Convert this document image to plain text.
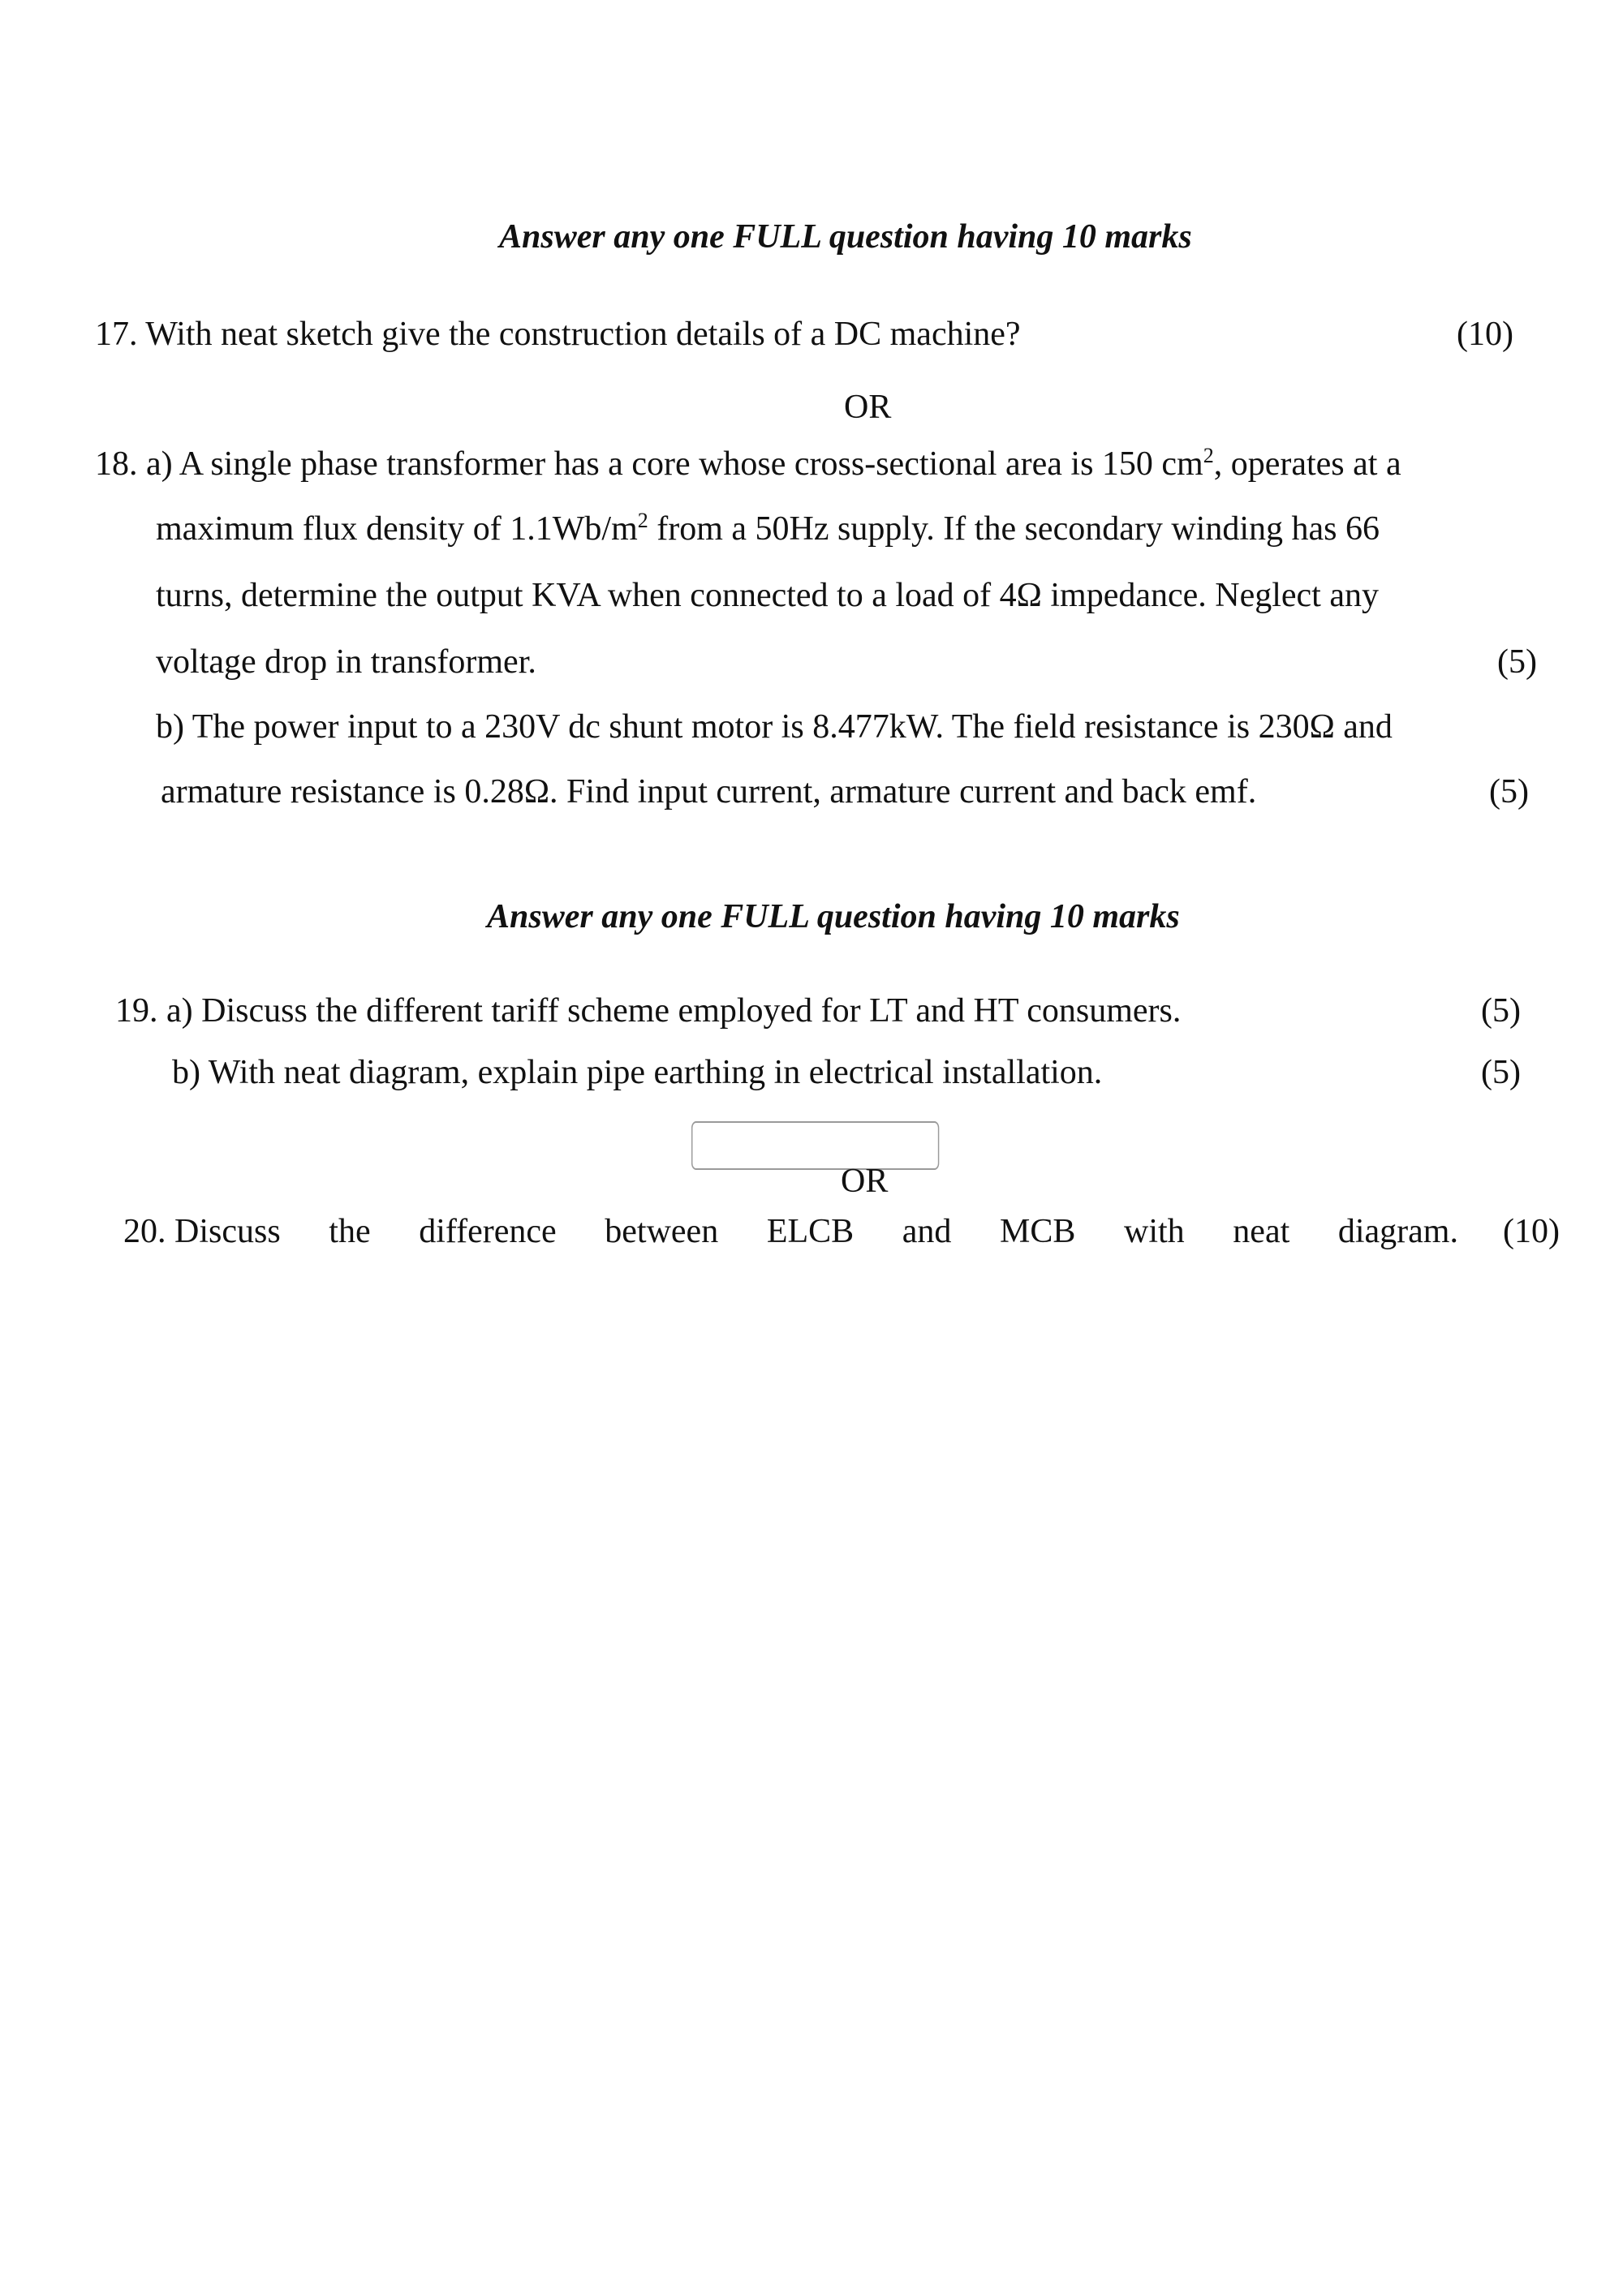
Answer any one FULL question having 10 marks
17. With neat sketch give the construction details of a DC machine?	(10)
OR
18. a) A single phase transformer has a core whose cross-sectional area is 150 $cm^2$, operates at a
maximum flux density of $1.1Wb/m^2$ from a 50Hz supply. If the secondary winding has 66
turns, determine the output KVA when connected to a load of 4Ω impedance. Neglect any
voltage drop in transformer.	(5)
b) The power input to a 230V dc shunt motor is 8.477kW. The field resistance is 230Ω and
armature resistance is 0.28Ω. Find input current, armature current and back emf.	(5)
Answer any one FULL question having 10 marks
19. a) Discuss the different tariff scheme employed for LT and HT consumers.	(5)
b) With neat diagram, explain pipe earthing in electrical installation.	(5)
OR
20. Discuss the difference between ELCB and MCB with neat diagram. (10)
